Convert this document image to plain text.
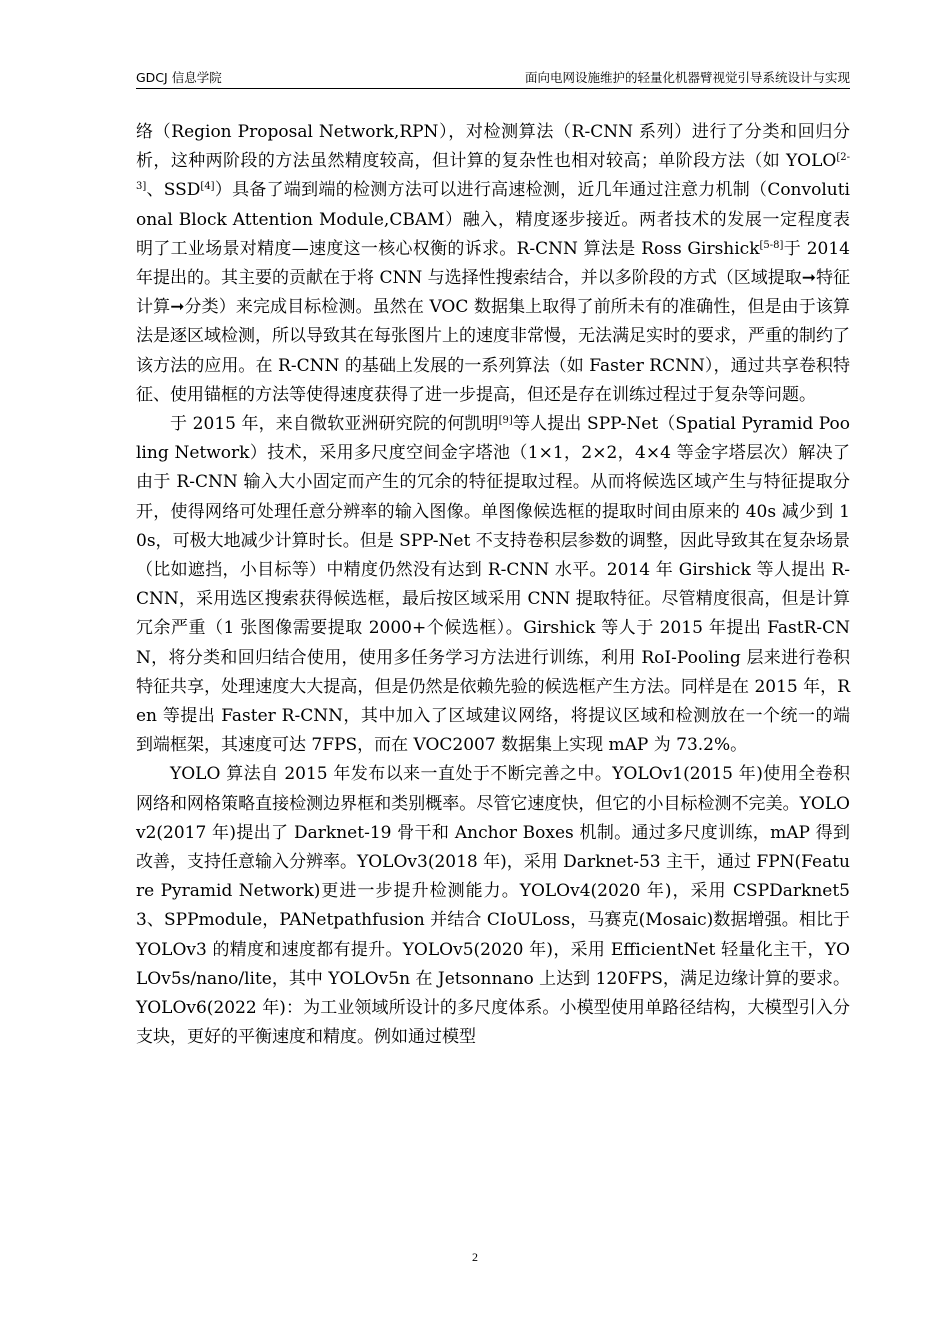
GDCJ 信息学院	面向电网设施维护的轻量化机器臂视觉引导系统设计与实现

络（Region Proposal Network,RPN），对检测算法（R-CNN 系列）进行了分类和回归分析，这种两阶段的方法虽然精度较高，但计算的复杂性也相对较高；单阶段方法（如 YOLO[2-3]、SSD[4]）具备了端到端的检测方法可以进行高速检测，近几年通过注意力机制（Convolutional Block Attention Module,CBAM）融入，精度逐步接近。两者技术的发展一定程度表明了工业场景对精度—速度这一核心权衡的诉求。R-CNN 算法是 Ross Girshick[5-8]于 2014 年提出的。其主要的贡献在于将 CNN 与选择性搜索结合，并以多阶段的方式（区域提取➞特征计算➞分类）来完成目标检测。虽然在 VOC 数据集上取得了前所未有的准确性，但是由于该算法是逐区域检测，所以导致其在每张图片上的速度非常慢，无法满足实时的要求，严重的制约了该方法的应用。在 R-CNN 的基础上发展的一系列算法（如 Faster RCNN），通过共享卷积特征、使用锚框的方法等使得速度获得了进一步提高，但还是存在训练过程过于复杂等问题。

于 2015 年，来自微软亚洲研究院的何凯明[9]等人提出 SPP-Net（Spatial Pyramid Pooling Network）技术，采用多尺度空间金字塔池（1×1，2×2，4×4 等金字塔层次）解决了由于 R-CNN 输入大小固定而产生的冗余的特征提取过程。从而将候选区域产生与特征提取分开，使得网络可处理任意分辨率的输入图像。单图像候选框的提取时间由原来的 40s 减少到 10s，可极大地减少计算时长。但是 SPP-Net 不支持卷积层参数的调整，因此导致其在复杂场景（比如遮挡，小目标等）中精度仍然没有达到 R-CNN 水平。2014 年 Girshick 等人提出 R-CNN，采用选区搜索获得候选框，最后按区域采用 CNN 提取特征。尽管精度很高，但是计算冗余严重（1 张图像需要提取 2000+个候选框）。Girshick 等人于 2015 年提出 FastR-CNN，将分类和回归结合使用，使用多任务学习方法进行训练，利用 RoI-Pooling 层来进行卷积特征共享，处理速度大大提高，但是仍然是依赖先验的候选框产生方法。同样是在 2015 年，Ren 等提出 Faster R-CNN，其中加入了区域建议网络，将提议区域和检测放在一个统一的端到端框架，其速度可达 7FPS，而在 VOC2007 数据集上实现 mAP 为 73.2%。

YOLO 算法自 2015 年发布以来一直处于不断完善之中。YOLOv1(2015 年)使用全卷积网络和网格策略直接检测边界框和类别概率。尽管它速度快，但它的小目标检测不完美。YOLOv2(2017 年)提出了 Darknet-19 骨干和 Anchor Boxes 机制。通过多尺度训练，mAP 得到改善，支持任意输入分辨率。YOLOv3(2018 年)，采用 Darknet-53 主干，通过 FPN(Feature Pyramid Network)更进一步提升检测能力。YOLOv4(2020 年)，采用 CSPDarknet53、SPPmodule，PANetpathfusion 并结合 CIoULoss，马赛克(Mosaic)数据增强。相比于 YOLOv3 的精度和速度都有提升。YOLOv5(2020 年)，采用 EfficientNet 轻量化主干，YOLOv5s/nano/lite，其中 YOLOv5n 在 Jetsonnano 上达到 120FPS，满足边缘计算的要求。YOLOv6(2022 年)：为工业领域所设计的多尺度体系。小模型使用单路径结构，大模型引入分支块，更好的平衡速度和精度。例如通过模型

2
